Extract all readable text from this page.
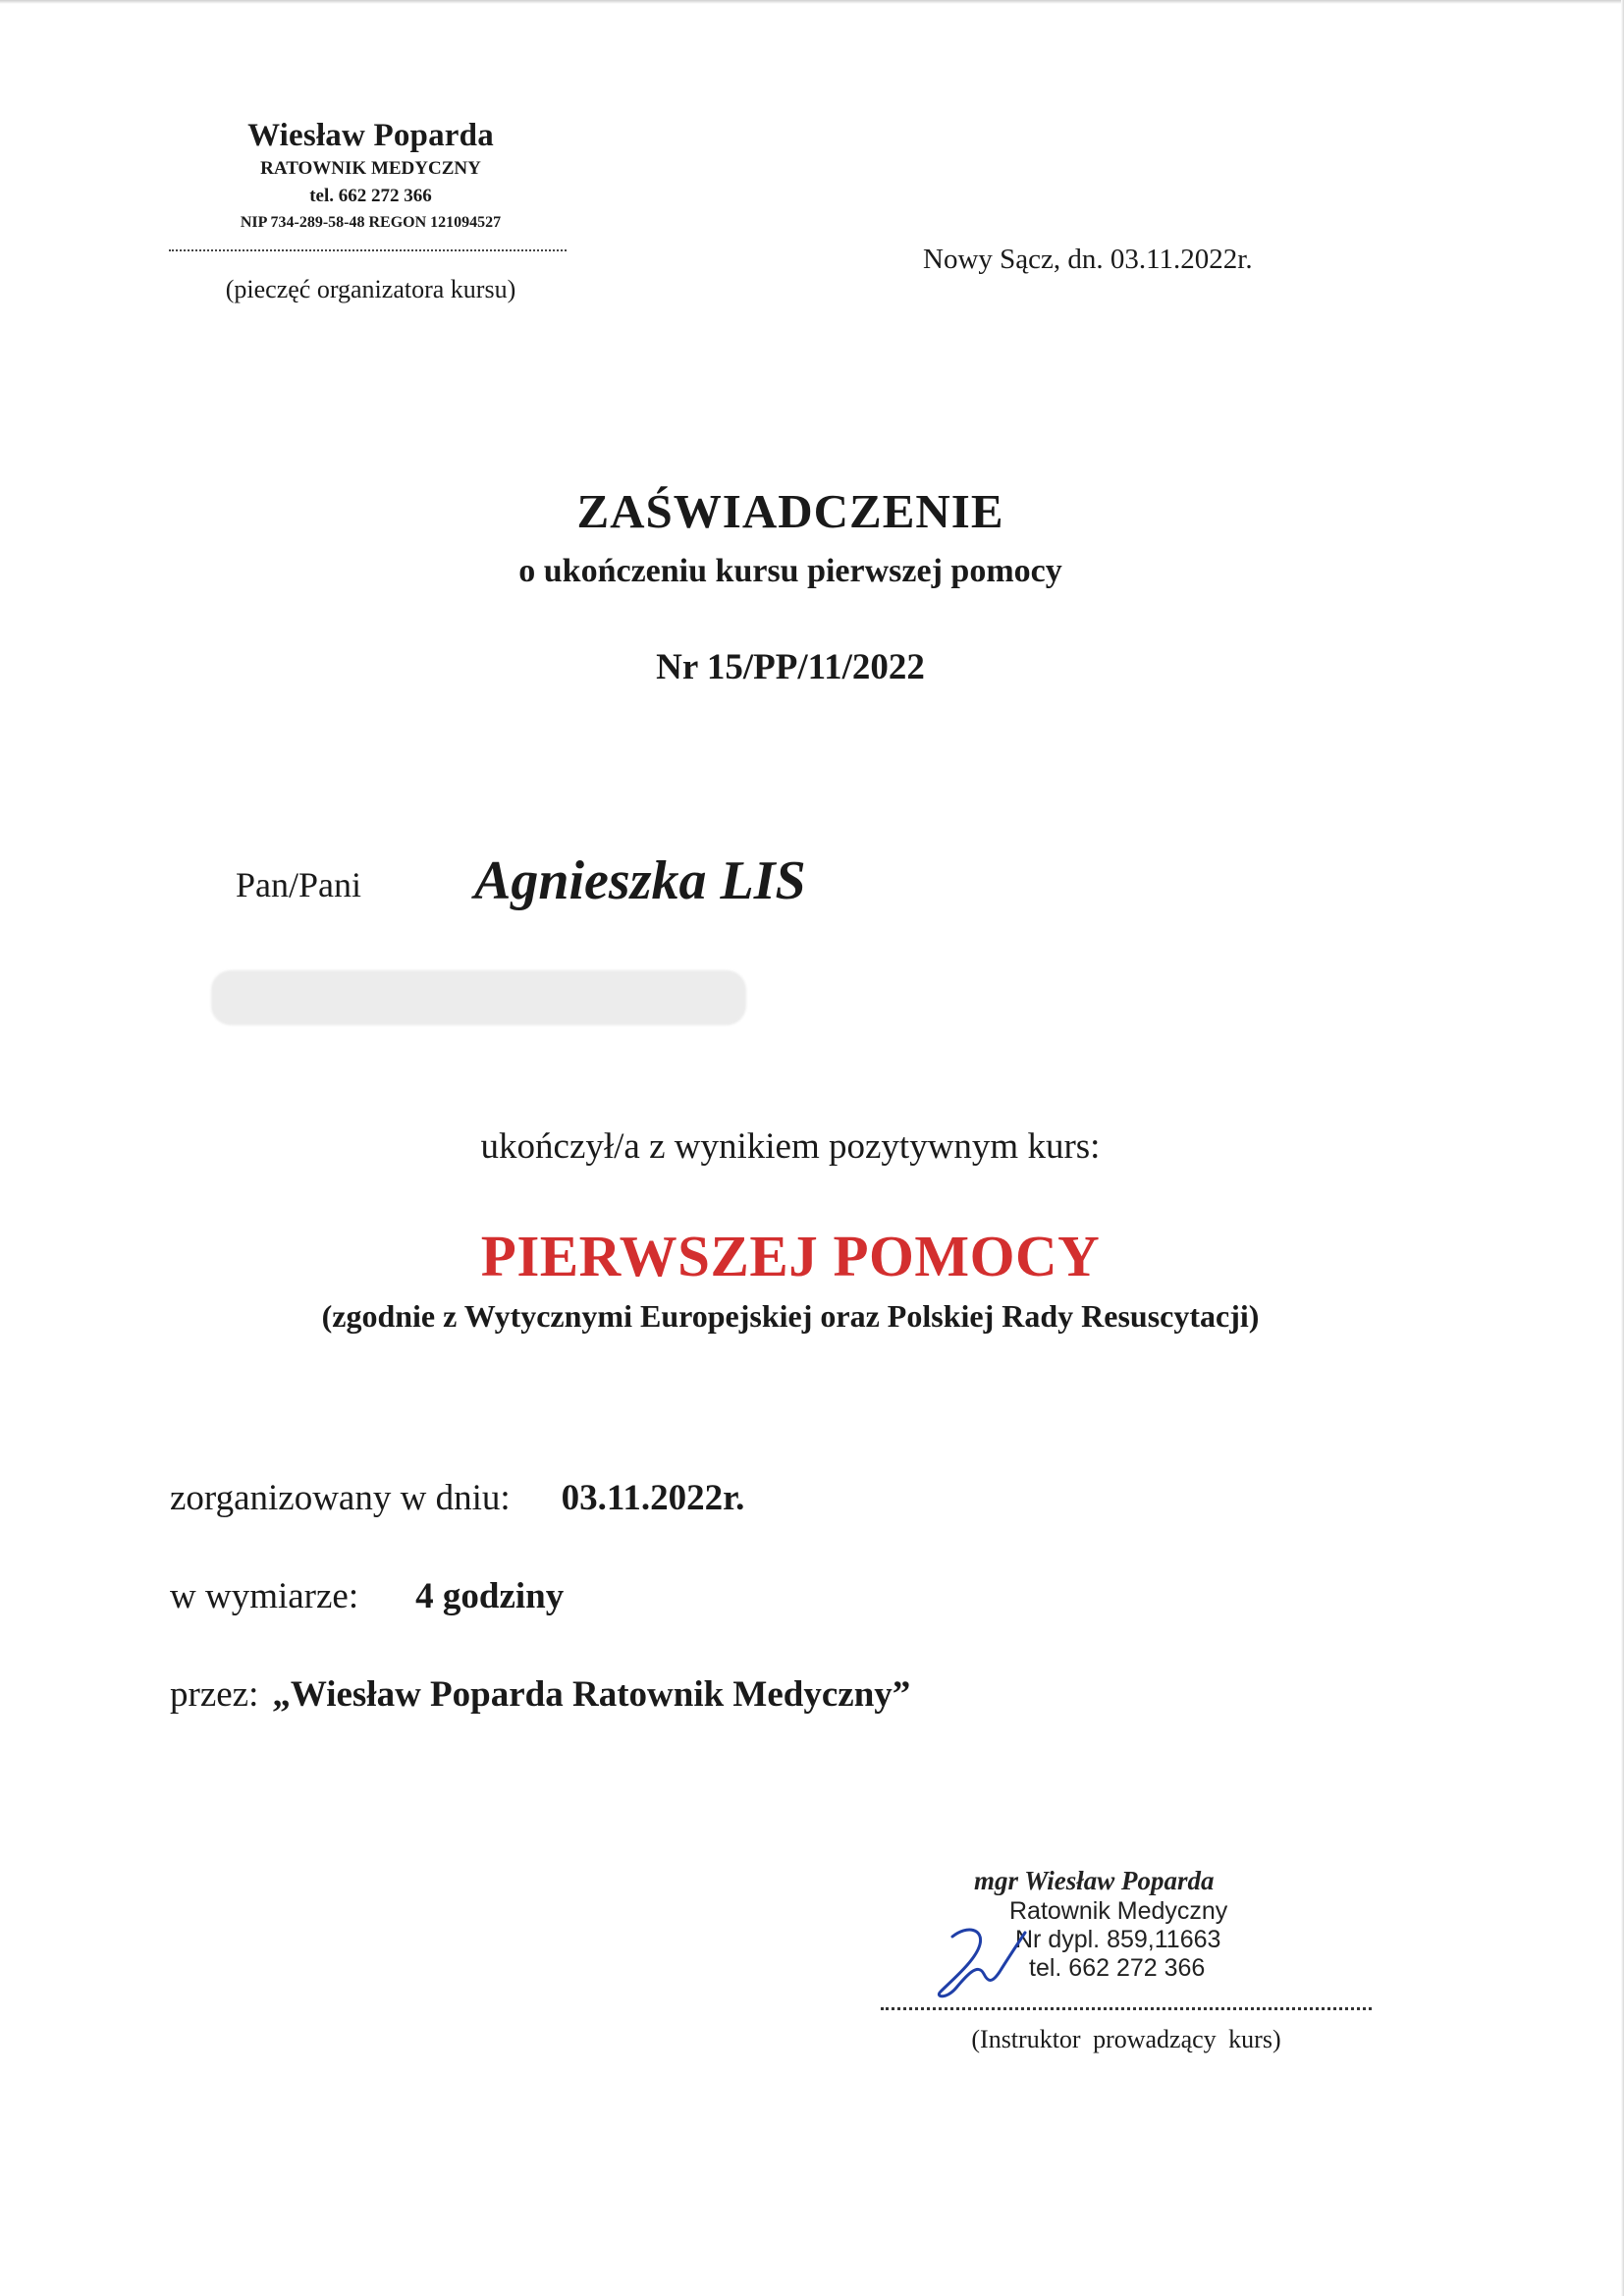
Wiesław Poparda
RATOWNIK MEDYCZNY
tel. 662 272 366
NIP 734-289-58-48 REGON 121094527
(pieczęć organizatora kursu)
Nowy Sącz, dn. 03.11.2022r.
ZAŚWIADCZENIE
o ukończeniu kursu pierwszej pomocy
Nr 15/PP/11/2022
Pan/Pani Agnieszka LIS
ukończył/a z wynikiem pozytywnym kurs:
PIERWSZEJ POMOCY
(zgodnie z Wytycznymi Europejskiej oraz Polskiej Rady Resuscytacji)
zorganizowany w dniu: 03.11.2022r.
w wymiarze: 4 godziny
przez: „Wiesław Poparda Ratownik Medyczny”
mgr Wiesław Poparda
Ratownik Medyczny
Nr dypl. 859,11663
tel. 662 272 366
(Instruktor prowadzący kurs)
